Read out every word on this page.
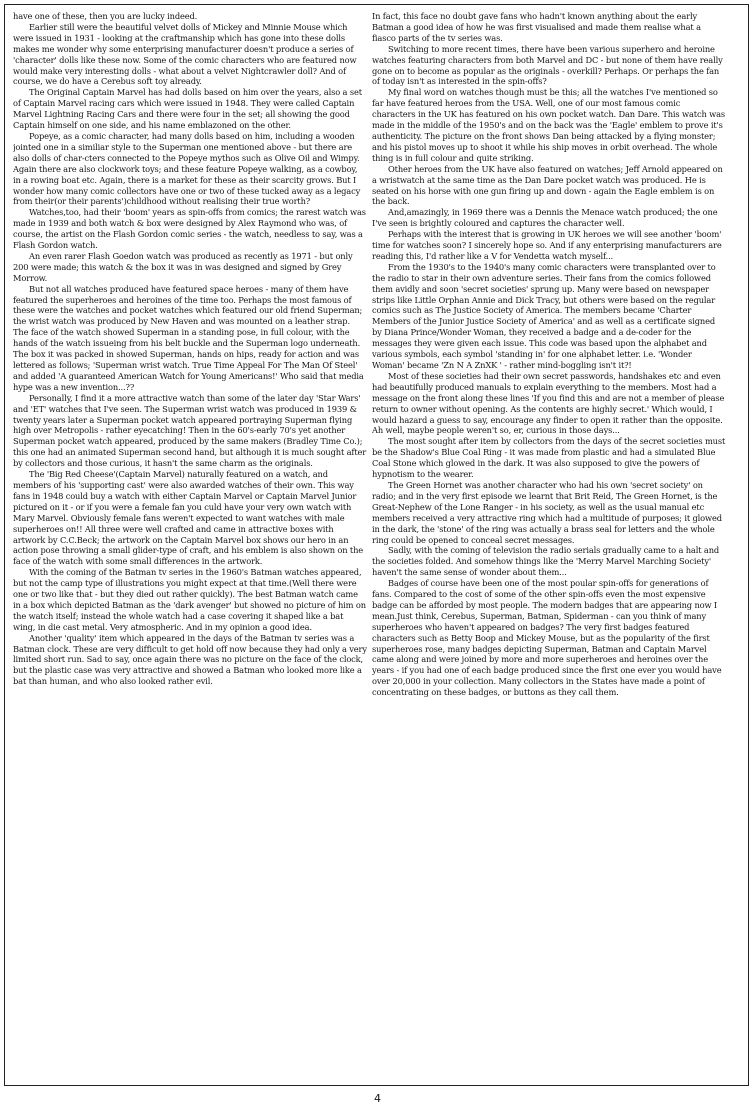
have one of these, then you are lucky indeed.

Earlier still were the beautiful velvet dolls of Mickey and Minnie Mouse which were issued in 1931 - looking at the craftmanship which has gone into these dolls makes me wonder why some enterprising manufacturer doesn't produce a series of 'character' dolls like these now. Some of the comic characters who are featured now would make very interesting dolls - what about a velvet Nightcrawler doll? And of course, we do have a Cerebus soft toy already.

The Original Captain Marvel has had dolls based on him over the years, also a set of Captain Marvel racing cars which were issued in 1948. They were called Captain Marvel Lightning Racing Cars and there were four in the set; all showing the good Captain himself on one side, and his name emblazoned on the other.

Popeye, as a comic character, had many dolls based on him, including a wooden jointed one in a similiar style to the Superman one mentioned above - but there are also dolls of char-cters connected to the Popeye mythos such as Olive Oil and Wimpy. Again there are also clockwork toys; and these feature Popeye walking, as a cowboy, in a rowing boat etc. Again, there is a market for these as their scarcity grows. But I wonder how many comic collectors have one or two of these tucked away as a legacy from their(or their parents')childhood without realising their true worth?

Watches,too, had their 'boom' years as spin-offs from comics; the rarest watch was made in 1939 and both watch & box were designed by Alex Raymond who was, of course, the artist on the Flash Gordon comic series - the watch, needless to say, was a Flash Gordon watch.

An even rarer Flash Goedon watch was produced as recently as 1971 - but only 200 were made; this watch & the box it was in was designed and signed by Grey Morrow.

But not all watches produced have featured space heroes - many of them have featured the superheroes and heroines of the time too. Perhaps the most famous of these were the watches and pocket watches which featured our old friend Superman; the wrist watch was produced by New Haven and was mounted on a leather strap. The face of the watch showed Superman in a standing pose, in full colour, with the hands of the watch issueing from his belt buckle and the Superman logo underneath. The box it was packed in showed Superman, hands on hips, ready for action and was lettered as follows; 'Superman wrist watch. True Time Appeal For The Man Of Steel' and added 'A guaranteed American Watch for Young Americans!' Who said that media hype was a new invention...??

Personally, I find it a more attractive watch than some of the later day 'Star Wars' and 'ET' watches that I've seen. The Superman wrist watch was produced in 1939 & twenty years later a Superman pocket watch appeared portraying Superman flying high over Metropolis - rather eyecatching! Then in the 60's-early 70's yet another Superman pocket watch appeared, produced by the same makers (Bradley Time Co.); this one had an animated Superman second hand, but although it is much sought after by collectors and those curious, it hasn't the same charm as the originals.

The 'Big Red Cheese'(Captain Marvel) naturally featured on a watch, and members of his 'supporting cast' were also awarded watches of their own. This way fans in 1948 could buy a watch with either Captain Marvel or Captain Marvel Junior pictured on it - or if you were a female fan you culd have your very own watch with Mary Marvel. Obviously female fans weren't expected to want watches with male superheroes on!! All three were well crafted and came in attractive boxes with artwork by C.C.Beck; the artwork on the Captain Marvel box shows our hero in an action pose throwing a small glider-type of craft, and his emblem is also shown on the face of the watch with some small differences in the artwork.

With the coming of the Batman tv series in the 1960's Batman watches appeared, but not the camp type of illustrations you might expect at that time.(Well there were one or two like that - but they died out rather quickly). The best Batman watch came in a box which depicted Batman as the 'dark avenger' but showed no picture of him on the watch itself; instead the whole watch had a case covering it shaped like a bat wing, in die cast metal. Very atmospheric. And in my opinion a good idea.

Another 'quality' item which appeared in the days of the Batman tv series was a Batman clock. These are very difficult to get hold off now because they had only a very limited short run. Sad to say, once again there was no picture on the face of the clock, but the plastic case was very attractive and showed a Batman who looked more like a bat than human, and who also looked rather evil.

In fact, this face no doubt gave fans who hadn't known anything about the early Batman a good idea of how he was first visualised and made them realise what a fiasco parts of the tv series was.

Switching to more recent times, there have been various superhero and heroine watches featuring characters from both Marvel and DC - but none of them have really gone on to become as popular as the originals - overkill? Perhaps. Or perhaps the fan of today isn't as interested in the spin-offs?

My final word on watches though must be this; all the watches I've mentioned so far have featured heroes from the USA. Well, one of our most famous comic characters in the UK has featured on his own pocket watch. Dan Dare. This watch was made in the middle of the 1950's and on the back was the 'Eagle' emblem to prove it's authenticity. The picture on the front shows Dan being attacked by a flying monster; and his pistol moves up to shoot it while his ship moves in orbit overhead. The whole thing is in full colour and quite striking.

Other heroes from the UK have also featured on watches; Jeff Arnold appeared on a wristwatch at the same time as the Dan Dare pocket watch was produced. He is seated on his horse with one gun firing up and down - again the Eagle emblem is on the back.

And,amazingly, in 1969 there was a Dennis the Menace watch produced; the one I've seen is brightly coloured and captures the character well.

Perhaps with the interest that is growing in UK heroes we will see another 'boom' time for watches soon? I sincerely hope so. And if any enterprising manufacturers are reading this, I'd rather like a V for Vendetta watch myself...

From the 1930's to the 1940's many comic characters were transplanted over to the radio to star in their own adventure series. Their fans from the comics followed them avidly and soon 'secret societies' sprung up. Many were based on newspaper strips like Little Orphan Annie and Dick Tracy, but others were based on the regular comics such as The Justice Society of America. The members became 'Charter Members of the Junior Justice Society of America' and as well as a certificate signed by Diana Prince/Wonder Woman, they received a badge and a de-coder for the messages they were given each issue. This code was based upon the alphabet and various symbols, each symbol 'standing in' for one alphabet letter. i.e. 'Wonder Woman' became 'Zn N A ZnXK ' - rather mind-boggling isn't it?!

Most of these societies had their own secret passwords, handshakes etc and even had beautifully produced manuals to explain everything to the members. Most had a message on the front along these lines 'If you find this and are not a member of please return to owner without opening. As the contents are highly secret.' Which would, I would hazard a guess to say, encourage any finder to open it rather than the opposite. Ah well, maybe people weren't so, er, curious in those days...

The most sought after item by collectors from the days of the secret societies must be the Shadow's Blue Coal Ring - it was made from plastic and had a simulated Blue Coal Stone which glowed in the dark. It was also supposed to give the powers of hypnotism to the wearer.

The Green Hornet was another character who had his own 'secret society' on radio; and in the very first episode we learnt that Brit Reid, The Green Hornet, is the Great-Nephew of the Lone Ranger - in his society, as well as the usual manual etc members received a very attractive ring which had a multitude of purposes; it glowed in the dark, the 'stone' of the ring was actually a brass seal for letters and the whole ring could be opened to conceal secret messages.

Sadly, with the coming of television the radio serials gradually came to a halt and the societies folded. And somehow things like the 'Merry Marvel Marching Society' haven't the same sense of wonder about them...

Badges of course have been one of the most poular spin-offs for generations of fans. Compared to the cost of some of the other spin-offs even the most expensive badge can be afforded by most people. The modern badges that are appearing now I mean.Just think, Cerebus, Superman, Batman, Spiderman - can you think of many superheroes who haven't appeared on badges? The very first badges featured characters such as Betty Boop and Mickey Mouse, but as the popularity of the first superheroes rose, many badges depicting Superman, Batman and Captain Marvel came along and were joined by more and more superheroes and heroines over the years - if you had one of each badge produced since the first one ever you would have over 20,000 in your collection. Many collectors in the States have made a point of concentrating on these badges, or buttons as they call them.

4
